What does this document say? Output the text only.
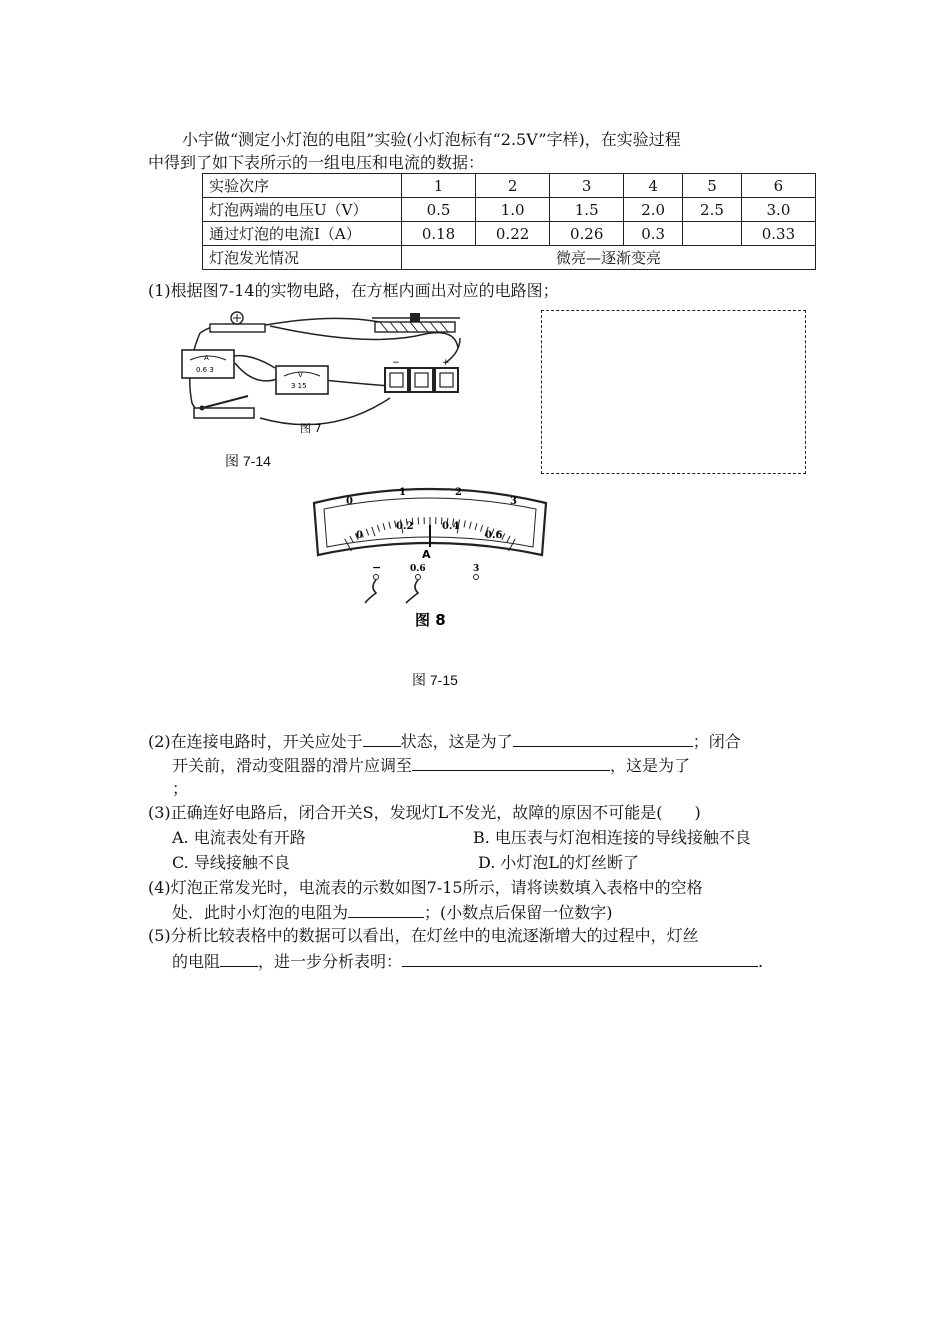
小宇做“测定小灯泡的电阻”实验(小灯泡标有“2.5V”字样)，在实验过程
中得到了如下表所示的一组电压和电流的数据：
实验次序	1	2	3	4	5	6
灯泡两端的电压U（V）	0.5	1.0	1.5	2.0	2.5	3.0
通过灯泡的电流I（A）	0.18	0.22	0.26	0.3		0.33
灯泡发光情况	微亮—逐渐变亮					
(1)根据图7-14的实物电路，在方框内画出对应的电路图；
A
0.6 3
V
3 15
−	+
图 7
图 7-14
0
1	2
3
0
0.2	0.4
0.6
A
−	0.6	3
图 8
图 7-15
(2)在连接电路时，开关应处于 状态，这是为了	；闭合
开关前，滑动变阻器的滑片应调至	，这是为了
；
(3)正确连好电路后，闭合开关S，发现灯L不发光，故障的原因不可能是(　　)
A. 电流表处有开路	B. 电压表与灯泡相连接的导线接触不良
C. 导线接触不良	D. 小灯泡L的灯丝断了
(4)灯泡正常发光时，电流表的示数如图7-15所示，请将读数填入表格中的空格
处．此时小灯泡的电阻为	；(小数点后保留一位数字)
(5)分析比较表格中的数据可以看出，在灯丝中的电流逐渐增大的过程中，灯丝
的电阻 ，进一步分析表明：	.
